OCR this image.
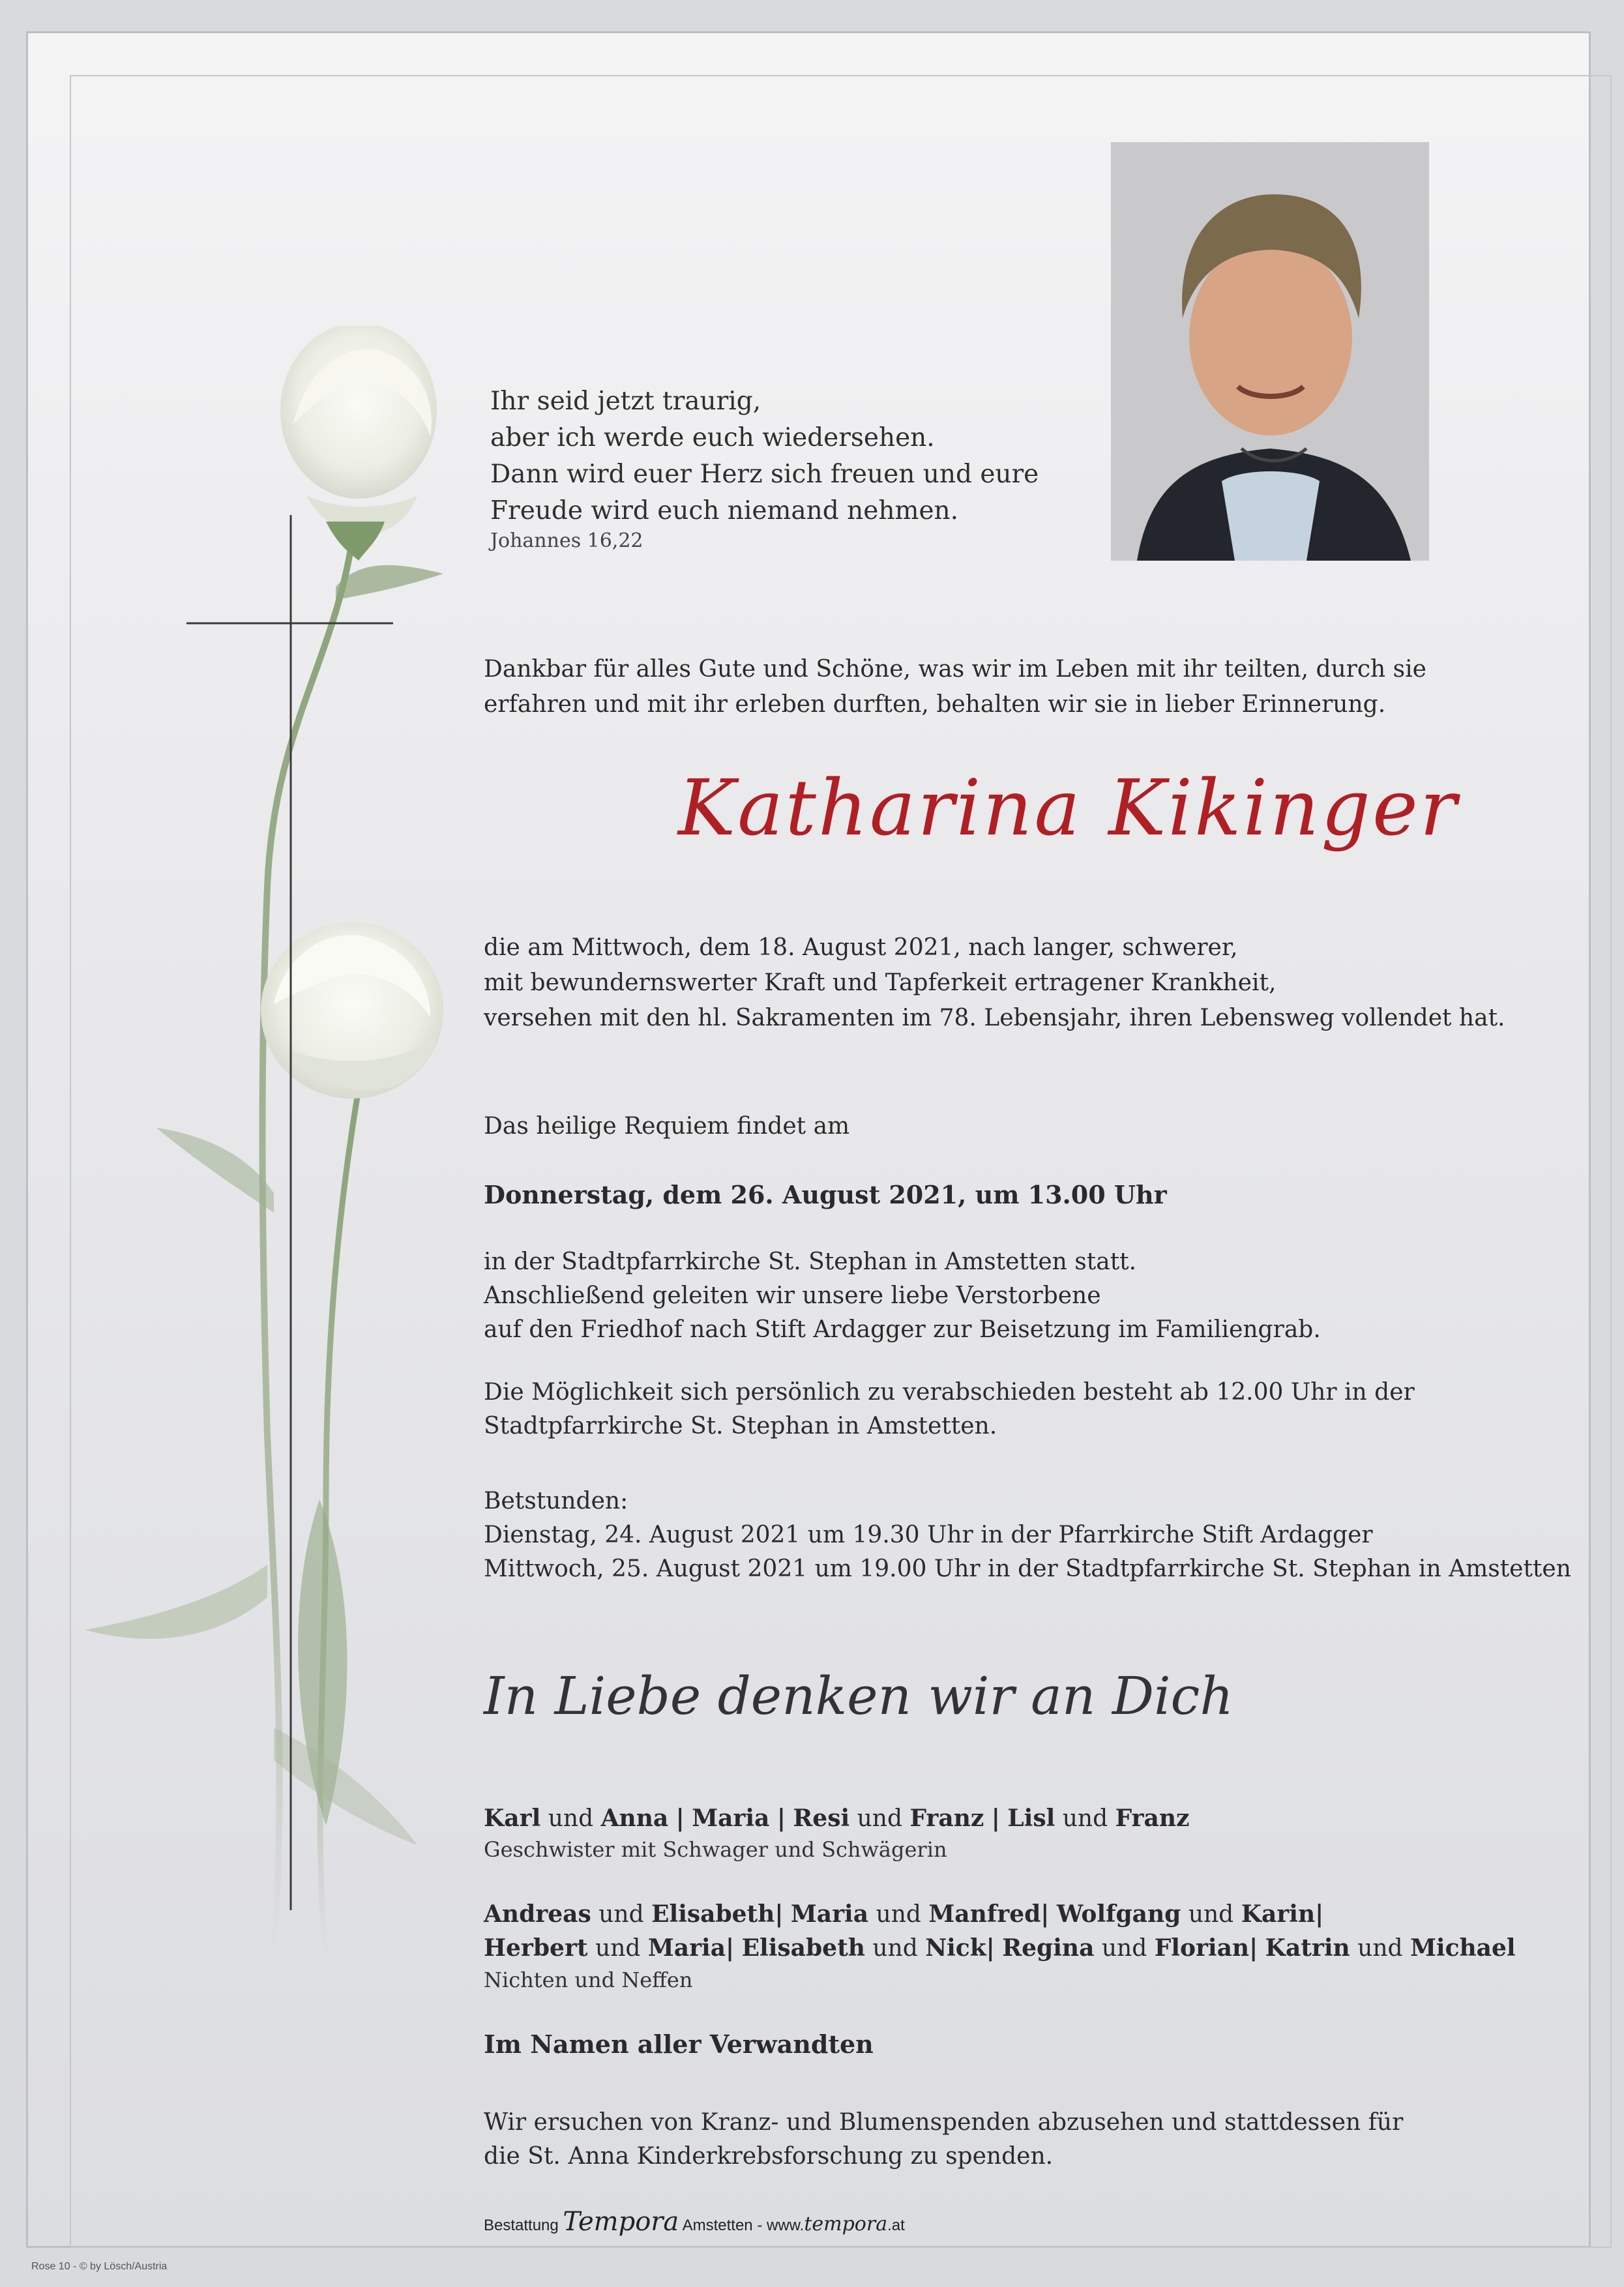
Ihr seid jetzt traurig,
aber ich werde euch wiedersehen.
Dann wird euer Herz sich freuen und eure
Freude wird euch niemand nehmen.
Johannes 16,22
Dankbar für alles Gute und Schöne, was wir im Leben mit ihr teilten, durch sie
erfahren und mit ihr erleben durften, behalten wir sie in lieber Erinnerung.
Katharina Kikinger
die am Mittwoch, dem 18. August 2021, nach langer, schwerer,
mit bewundernswerter Kraft und Tapferkeit ertragener Krankheit,
versehen mit den hl. Sakramenten im 78. Lebensjahr, ihren Lebensweg vollendet hat.
Das heilige Requiem findet am
Donnerstag, dem 26. August 2021, um 13.00 Uhr
in der Stadtpfarrkirche St. Stephan in Amstetten statt.
Anschließend geleiten wir unsere liebe Verstorbene
auf den Friedhof nach Stift Ardagger zur Beisetzung im Familiengrab.
Die Möglichkeit sich persönlich zu verabschieden besteht ab 12.00 Uhr in der
Stadtpfarrkirche St. Stephan in Amstetten.
Betstunden:
Dienstag, 24. August 2021 um 19.30 Uhr in der Pfarrkirche Stift Ardagger
Mittwoch, 25. August 2021 um 19.00 Uhr in der Stadtpfarrkirche St. Stephan in Amstetten
In Liebe denken wir an Dich
Karl und Anna | Maria | Resi und Franz | Lisl und Franz
Geschwister mit Schwager und Schwägerin
Andreas und Elisabeth| Maria und Manfred| Wolfgang und Karin|
Herbert und Maria| Elisabeth und Nick| Regina und Florian| Katrin und Michael
Nichten und Neffen
Im Namen aller Verwandten
Wir ersuchen von Kranz- und Blumenspenden abzusehen und stattdessen für
die St. Anna Kinderkrebsforschung zu spenden.
Bestattung Tempora Amstetten - www.tempora.at
Rose 10 - © by Lösch/Austria
